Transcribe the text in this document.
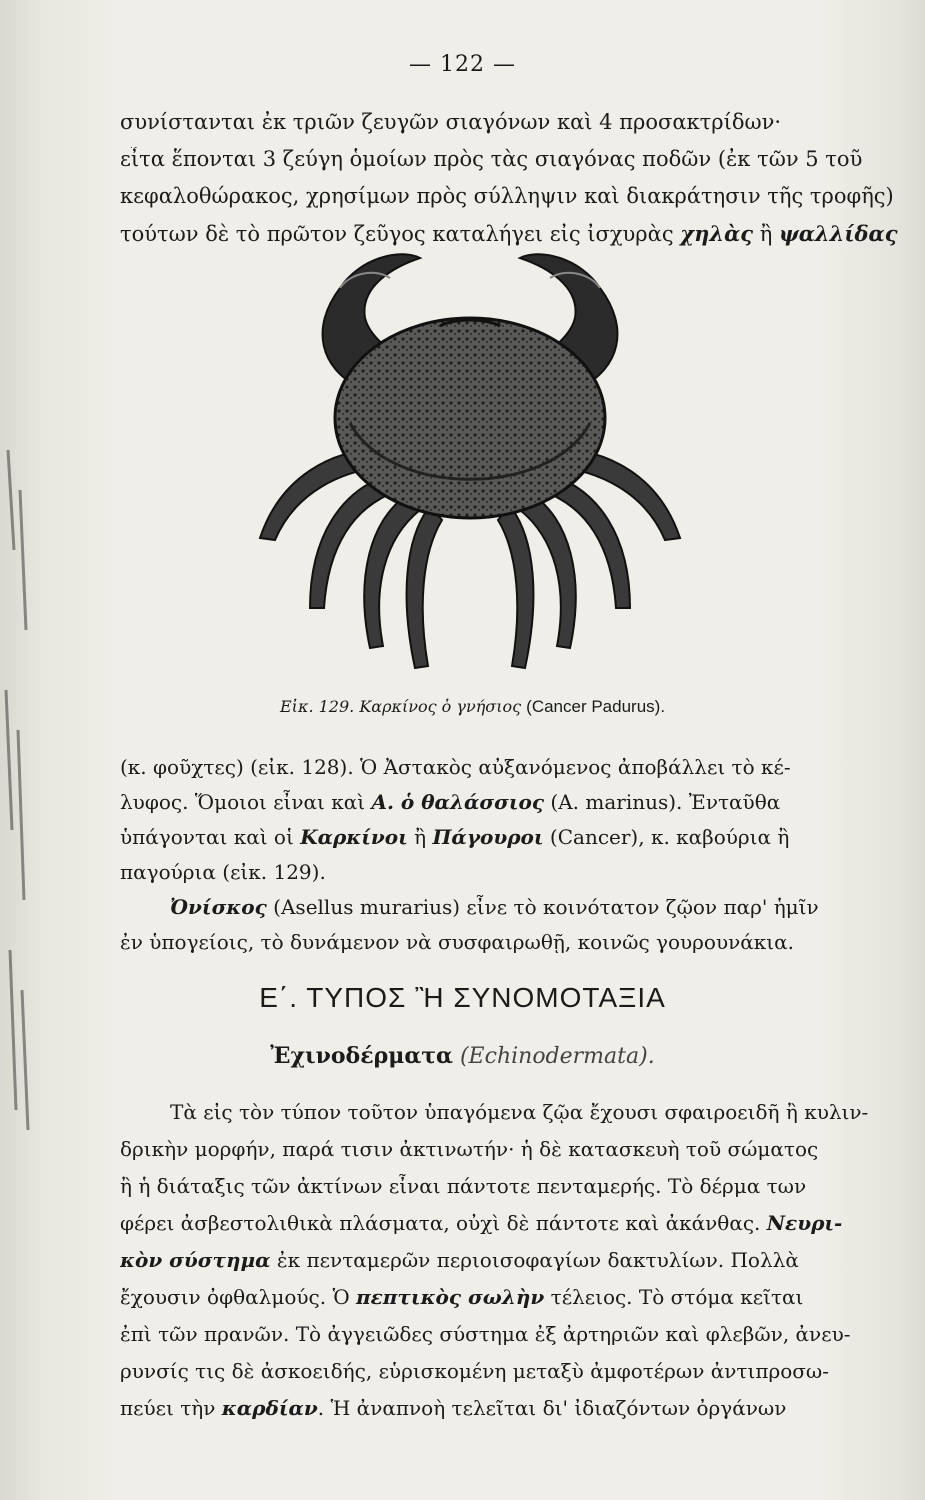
— 122 —
συνίστανται ἐκ τριῶν ζευγῶν σιαγόνων καὶ 4 προσακτρίδων·
εἶτα ἕπονται 3 ζεύγη ὁμοίων πρὸς τὰς σιαγόνας ποδῶν (ἐκ τῶν 5 τοῦ
κεφαλοθώρακος, χρησίμων πρὸς σύλληψιν καὶ διακράτησιν τῆς τροφῆς)
τούτων δὲ τὸ πρῶτον ζεῦγος καταλήγει εἰς ἰσχυρὰς χηλὰς ἢ ψαλλίδας
Εἰκ. 129. Καρκίνος ὁ γνήσιος (Cancer Padurus).
(κ. φοῦχτες) (εἰκ. 128). Ὁ Ἀστακὸς αὐξανόμενος ἀποβάλλει τὸ κέ-
λυφος. Ὅμοιοι εἶναι καὶ Α. ὁ θαλάσσιος (A. marinus). Ἐνταῦθα
ὑπάγονται καὶ οἱ Καρκίνοι ἢ Πάγουροι (Cancer), κ. καβούρια ἢ
παγούρια (εἰκ. 129).
Ὀνίσκος (Asellus murarius) εἶνε τὸ κοινότατον ζῷον παρ' ἡμῖν
ἐν ὑπογείοις, τὸ δυνάμενον νὰ συσφαιρωθῇ, κοινῶς γουρουνάκια.
Ε΄. ΤΥΠΟΣ Ἢ ΣΥΝΟΜΟΤΑΞΙΑ
Ἐχινοδέρματα (Echinodermata).
Τὰ εἰς τὸν τύπον τοῦτον ὑπαγόμενα ζῷα ἔχουσι σφαιροειδῆ ἢ κυλιν-
δρικὴν μορφήν, παρά τισιν ἀκτινωτήν· ἡ δὲ κατασκευὴ τοῦ σώματος
ἢ ἡ διάταξις τῶν ἀκτίνων εἶναι πάντοτε πενταμερής. Τὸ δέρμα των
φέρει ἀσβεστολιθικὰ πλάσματα, οὐχὶ δὲ πάντοτε καὶ ἀκάνθας. Νευρι-
κὸν σύστημα ἐκ πενταμερῶν περιοισοφαγίων δακτυλίων. Πολλὰ
ἔχουσιν ὀφθαλμούς. Ὁ πεπτικὸς σωλὴν τέλειος. Τὸ στόμα κεῖται
ἐπὶ τῶν πρανῶν. Τὸ ἀγγειῶδες σύστημα ἐξ ἀρτηριῶν καὶ φλεβῶν, ἀνευ-
ρυνσίς τις δὲ ἀσκοειδής, εὑρισκομένη μεταξὺ ἀμφοτέρων ἀντιπροσω-
πεύει τὴν καρδίαν. Ἡ ἀναπνοὴ τελεῖται δι' ἰδιαζόντων ὀργάνων
